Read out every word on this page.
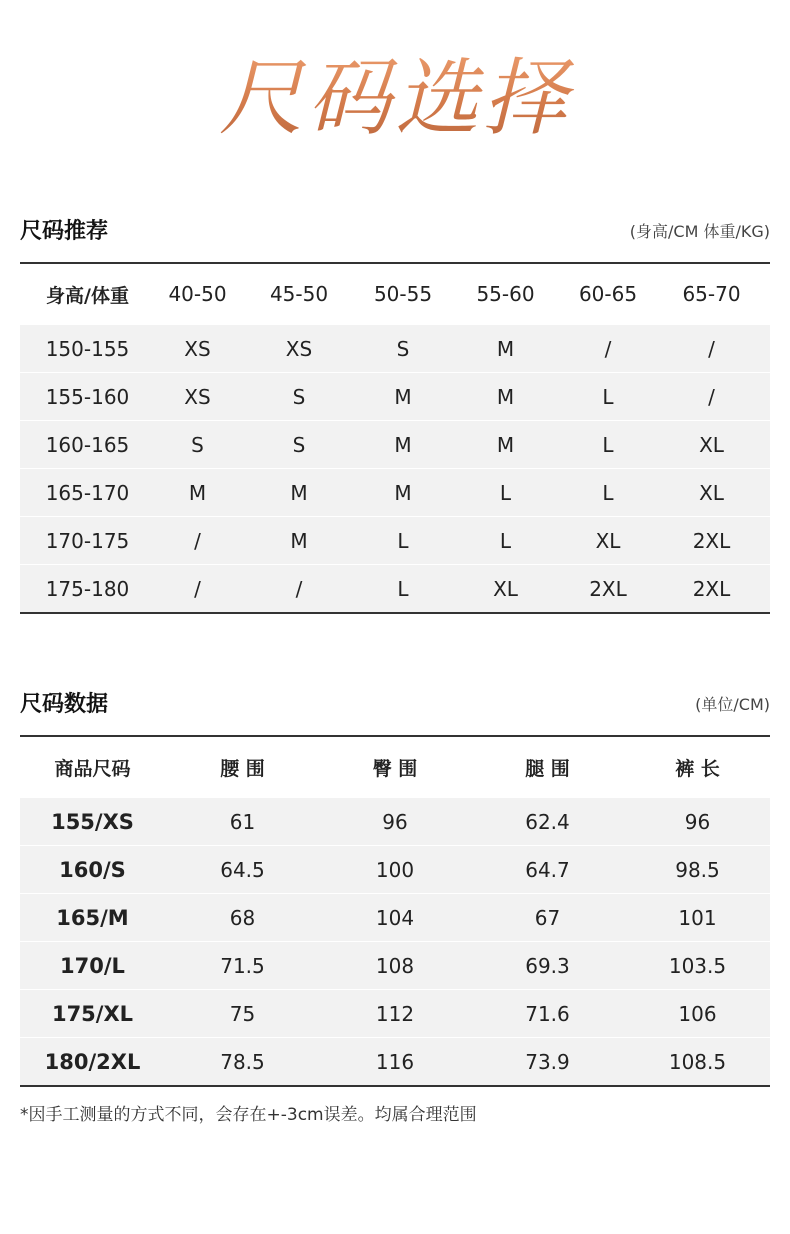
尺码选择
尺码推荐	(身高/CM 体重/KG)
身高/体重	40-50	45-50	50-55	55-60	60-65	65-70
150-155	XS	XS	S	M	/	/
155-160	XS	S	M	M	L	/
160-165	S	S	M	M	L	XL
165-170	M	M	M	L	L	XL
170-175	/	M	L	L	XL	2XL
175-180	/	/	L	XL	2XL	2XL
尺码数据	(单位/CM)
商品尺码	腰 围	臀 围	腿 围	裤 长
155/XS	61	96	62.4	96
160/S	64.5	100	64.7	98.5
165/M	68	104	67	101
170/L	71.5	108	69.3	103.5
175/XL	75	112	71.6	106
180/2XL	78.5	116	73.9	108.5
*因手工测量的方式不同，会存在+-3cm误差。均属合理范围
